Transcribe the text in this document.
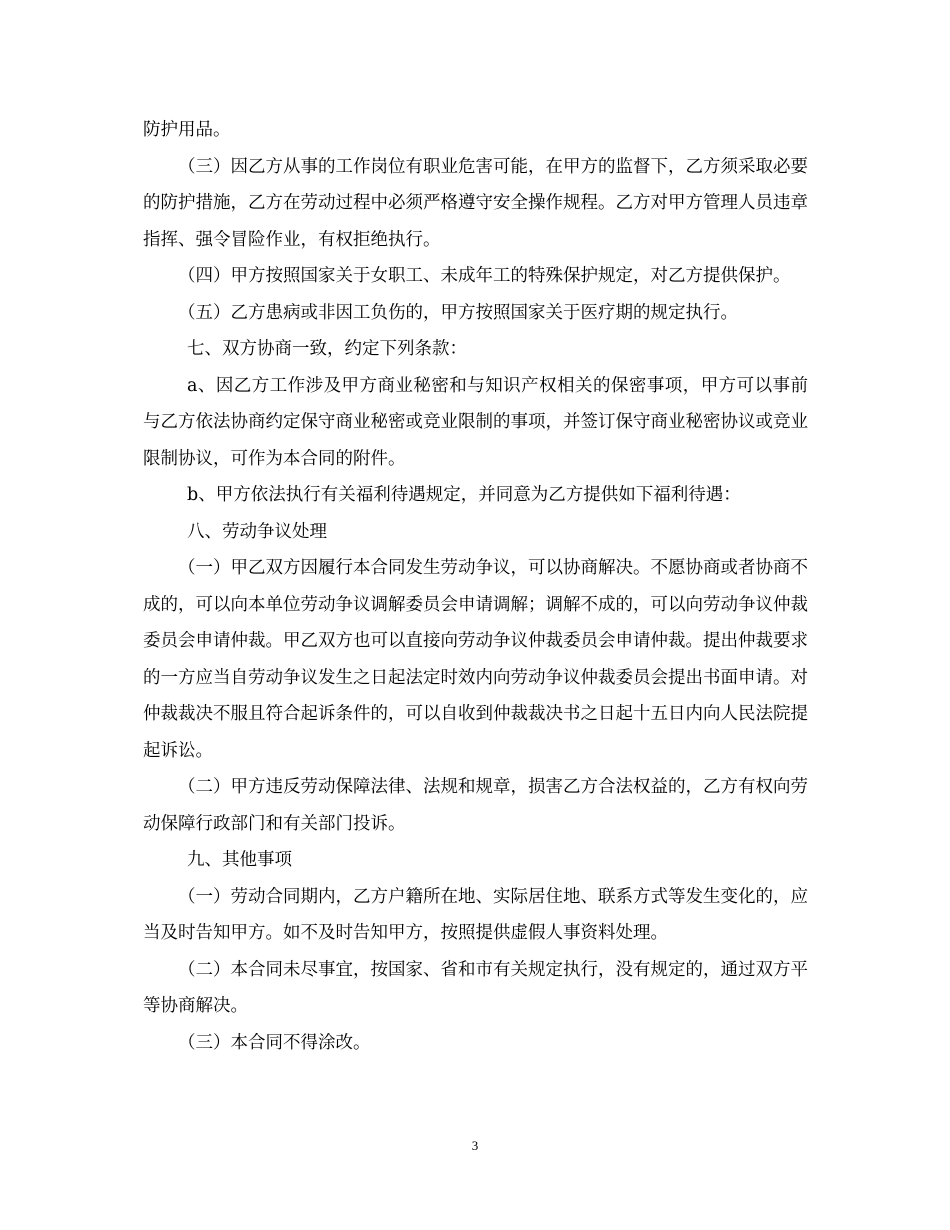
防护用品。

（三）因乙方从事的工作岗位有职业危害可能，在甲方的监督下，乙方须采取必要的防护措施，乙方在劳动过程中必须严格遵守安全操作规程。乙方对甲方管理人员违章指挥、强令冒险作业，有权拒绝执行。

（四）甲方按照国家关于女职工、未成年工的特殊保护规定，对乙方提供保护。

（五）乙方患病或非因工负伤的，甲方按照国家关于医疗期的规定执行。

七、双方协商一致，约定下列条款：

a、因乙方工作涉及甲方商业秘密和与知识产权相关的保密事项，甲方可以事前与乙方依法协商约定保守商业秘密或竞业限制的事项，并签订保守商业秘密协议或竞业限制协议，可作为本合同的附件。

b、甲方依法执行有关福利待遇规定，并同意为乙方提供如下福利待遇：

八、劳动争议处理

（一）甲乙双方因履行本合同发生劳动争议，可以协商解决。不愿协商或者协商不成的，可以向本单位劳动争议调解委员会申请调解；调解不成的，可以向劳动争议仲裁委员会申请仲裁。甲乙双方也可以直接向劳动争议仲裁委员会申请仲裁。提出仲裁要求的一方应当自劳动争议发生之日起法定时效内向劳动争议仲裁委员会提出书面申请。对仲裁裁决不服且符合起诉条件的，可以自收到仲裁裁决书之日起十五日内向人民法院提起诉讼。

（二）甲方违反劳动保障法律、法规和规章，损害乙方合法权益的，乙方有权向劳动保障行政部门和有关部门投诉。

九、其他事项

（一）劳动合同期内，乙方户籍所在地、实际居住地、联系方式等发生变化的，应当及时告知甲方。如不及时告知甲方，按照提供虚假人事资料处理。

（二）本合同未尽事宜，按国家、省和市有关规定执行，没有规定的，通过双方平等协商解决。

（三）本合同不得涂改。

3
